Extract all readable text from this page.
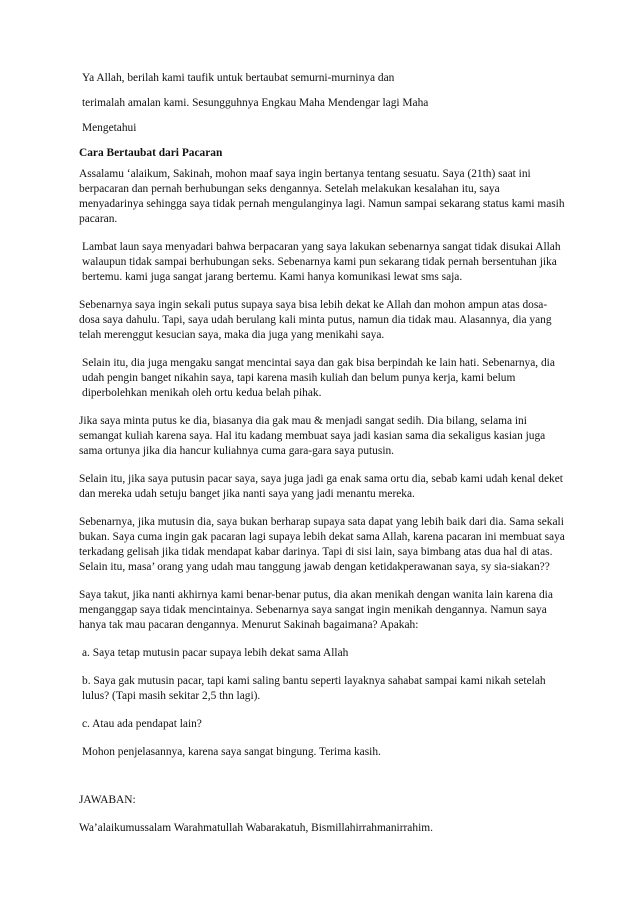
Ya Allah, berilah kami taufik untuk bertaubat semurni-murninya dan

terimalah amalan kami. Sesungguhnya Engkau Maha Mendengar lagi Maha

Mengetahui

Cara Bertaubat dari Pacaran

Assalamu ‘alaikum, Sakinah, mohon maaf saya ingin bertanya tentang sesuatu. Saya (21th) saat ini berpacaran dan pernah berhubungan seks dengannya. Setelah melakukan kesalahan itu, saya menyadarinya sehingga saya tidak pernah mengulanginya lagi. Namun sampai sekarang status kami masih pacaran.

Lambat laun saya menyadari bahwa berpacaran yang saya lakukan sebenarnya sangat tidak disukai Allah walaupun tidak sampai berhubungan seks. Sebenarnya kami pun sekarang tidak pernah bersentuhan jika bertemu. kami juga sangat jarang bertemu. Kami hanya komunikasi lewat sms saja.

Sebenarnya saya ingin sekali putus supaya saya bisa lebih dekat ke Allah dan mohon ampun atas dosa-dosa saya dahulu. Tapi, saya udah berulang kali minta putus, namun dia tidak mau. Alasannya, dia yang telah merenggut kesucian saya, maka dia juga yang menikahi saya.

Selain itu, dia juga mengaku sangat mencintai saya dan gak bisa berpindah ke lain hati. Sebenarnya, dia udah pengin banget nikahin saya, tapi karena masih kuliah dan belum punya kerja, kami belum diperbolehkan menikah oleh ortu kedua belah pihak.

Jika saya minta putus ke dia, biasanya dia gak mau & menjadi sangat sedih. Dia bilang, selama ini semangat kuliah karena saya. Hal itu kadang membuat saya jadi kasian sama dia sekaligus kasian juga sama ortunya jika dia hancur kuliahnya cuma gara-gara saya putusin.

Selain itu, jika saya putusin pacar saya, saya juga jadi ga enak sama ortu dia, sebab kami udah kenal deket dan mereka udah setuju banget jika nanti saya yang jadi menantu mereka.

Sebenarnya, jika mutusin dia, saya bukan berharap supaya sata dapat yang lebih baik dari dia. Sama sekali bukan. Saya cuma ingin gak pacaran lagi supaya lebih dekat sama Allah, karena pacaran ini membuat saya terkadang gelisah jika tidak mendapat kabar darinya. Tapi di sisi lain, saya bimbang atas dua hal di atas. Selain itu, masa’ orang yang udah mau tanggung jawab dengan ketidakperawanan saya, sy sia-siakan??

Saya takut, jika nanti akhirnya kami benar-benar putus, dia akan menikah dengan wanita lain karena dia menganggap saya tidak mencintainya. Sebenarnya saya sangat ingin menikah dengannya. Namun saya hanya tak mau pacaran dengannya. Menurut Sakinah bagaimana? Apakah:

a. Saya tetap mutusin pacar supaya lebih dekat sama Allah

b. Saya gak mutusin pacar, tapi kami saling bantu seperti layaknya sahabat sampai kami nikah setelah lulus? (Tapi masih sekitar 2,5 thn lagi).

c. Atau ada pendapat lain?

Mohon penjelasannya, karena saya sangat bingung. Terima kasih.

JAWABAN:

Wa’alaikumussalam Warahmatullah Wabarakatuh, Bismillahirrahmanirrahim.
